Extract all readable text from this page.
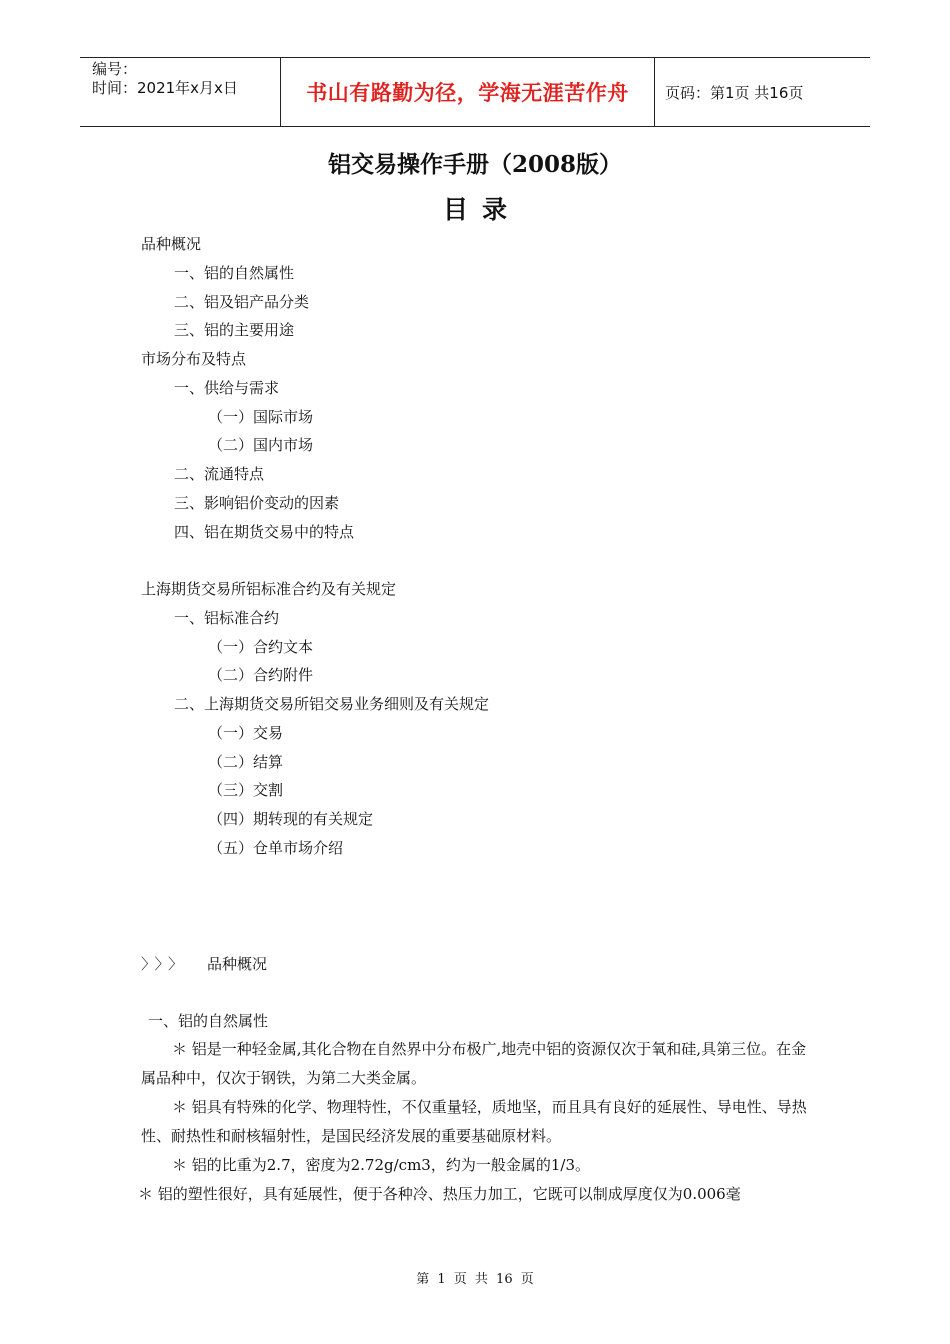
编号：
时间：2021年x月x日	书山有路勤为径，学海无涯苦作舟	页码：第1页 共16页
铝交易操作手册（2008版）
目录
品种概况
一、铝的自然属性
二、铝及铝产品分类
三、铝的主要用途
市场分布及特点
一、供给与需求
（一）国际市场
（二）国内市场
二、流通特点
三、影响铝价变动的因素
四、铝在期货交易中的特点
上海期货交易所铝标准合约及有关规定
一、铝标准合约
（一）合约文本
（二）合约附件
二、上海期货交易所铝交易业务细则及有关规定
（一）交易
（二）结算
（三）交割
（四）期转现的有关规定
（五）仓单市场介绍
〉〉〉 品种概况
一、铝的自然属性
＊ 铝是一种轻金属,其化合物在自然界中分布极广,地壳中铝的资源仅次于氧和硅,具第三位。在金属品种中，仅次于钢铁，为第二大类金属。
＊ 铝具有特殊的化学、物理特性，不仅重量轻，质地坚，而且具有良好的延展性、导电性、导热性、耐热性和耐核辐射性，是国民经济发展的重要基础原材料。
＊ 铝的比重为2.7，密度为2.72g/cm3，约为一般金属的1/3。
＊ 铝的塑性很好，具有延展性，便于各种冷、热压力加工，它既可以制成厚度仅为0.006毫
第 1 页 共 16 页
